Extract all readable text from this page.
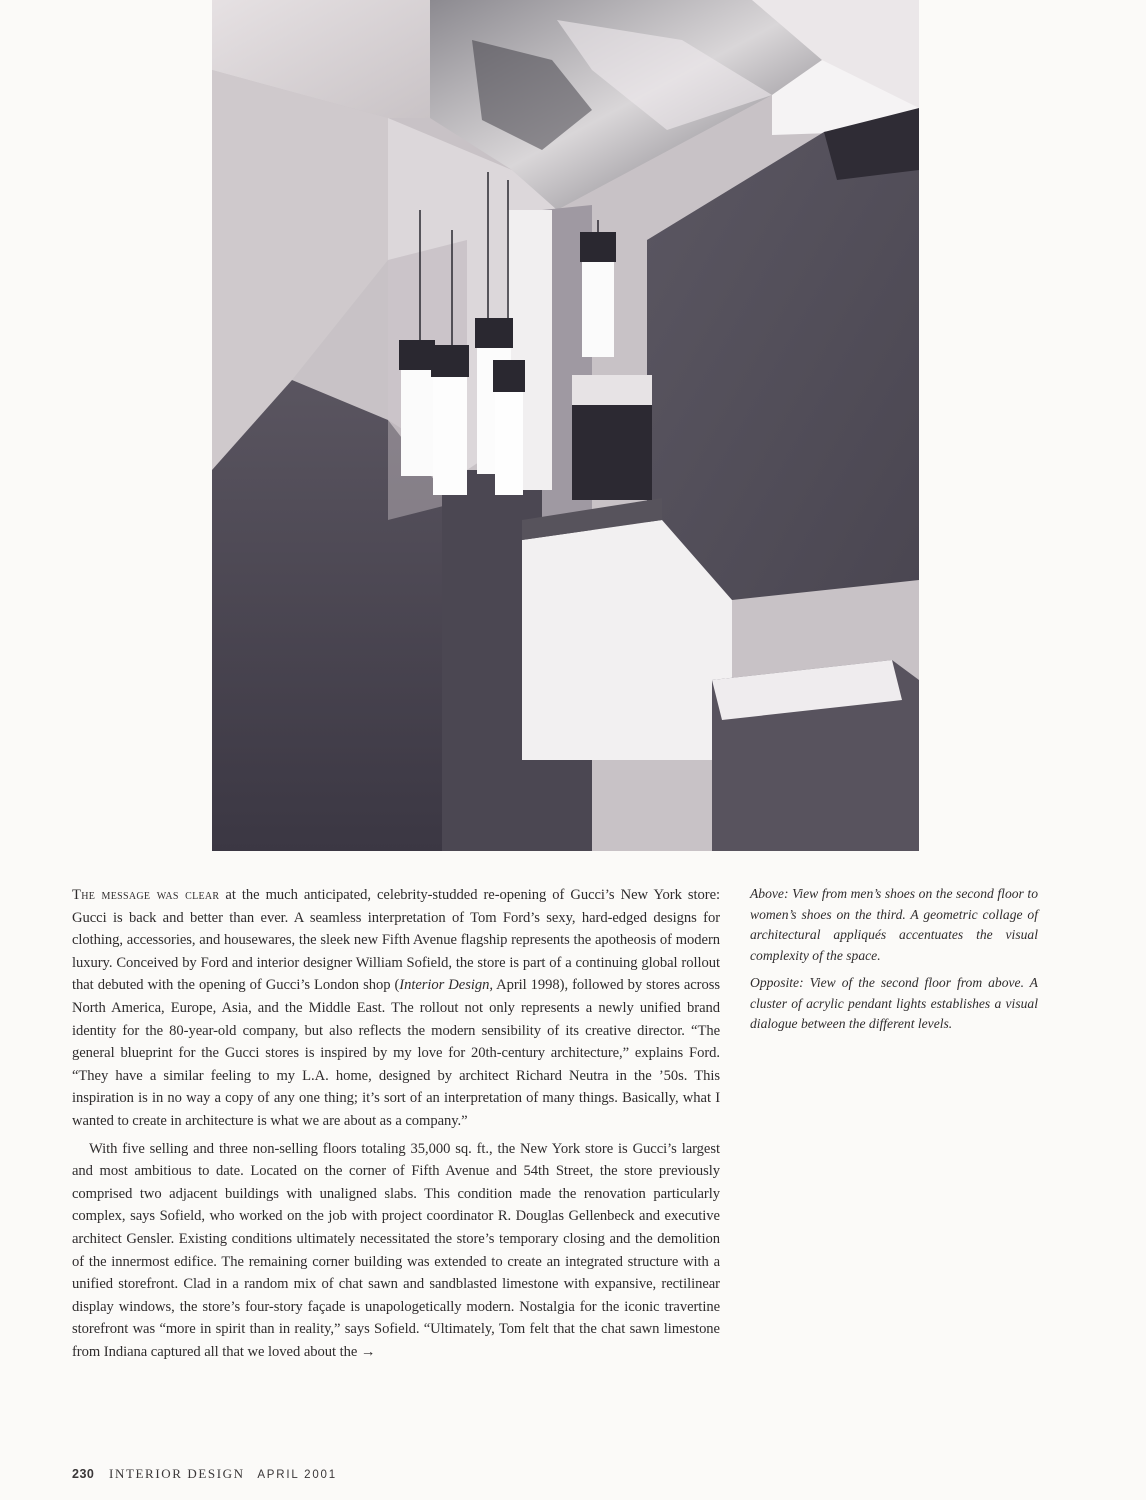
The message was clear at the much anticipated, celebrity-studded re-opening of Gucci’s New York store: Gucci is back and better than ever. A seamless interpretation of Tom Ford’s sexy, hard-edged designs for clothing, accessories, and housewares, the sleek new Fifth Avenue flagship represents the apotheosis of modern luxury. Conceived by Ford and interior designer William Sofield, the store is part of a continuing global rollout that debuted with the opening of Gucci’s London shop (Interior Design, April 1998), followed by stores across North America, Europe, Asia, and the Middle East. The rollout not only represents a newly unified brand identity for the 80-year-old company, but also reflects the modern sensibility of its creative director. “The general blueprint for the Gucci stores is inspired by my love for 20th-century architecture,” explains Ford. “They have a similar feeling to my L.A. home, designed by architect Richard Neutra in the ’50s. This inspiration is in no way a copy of any one thing; it’s sort of an interpretation of many things. Basically, what I wanted to create in architecture is what we are about as a company.”

With five selling and three non-selling floors totaling 35,000 sq. ft., the New York store is Gucci’s largest and most ambitious to date. Located on the corner of Fifth Avenue and 54th Street, the store previously comprised two adjacent buildings with unaligned slabs. This condition made the renovation particularly complex, says Sofield, who worked on the job with project coordinator R. Douglas Gellenbeck and executive architect Gensler. Existing conditions ultimately necessitated the store’s temporary closing and the demolition of the innermost edifice. The remaining corner building was extended to create an integrated structure with a unified storefront. Clad in a random mix of chat sawn and sandblasted limestone with expansive, rectilinear display windows, the store’s four-story façade is unapologetically modern. Nostalgia for the iconic travertine storefront was “more in spirit than in reality,” says Sofield. “Ultimately, Tom felt that the chat sawn limestone from Indiana captured all that we loved about the →

Above: View from men’s shoes on the second floor to women’s shoes on the third. A geometric collage of architectural appliqués accentuates the visual complexity of the space.

Opposite: View of the second floor from above. A cluster of acrylic pendant lights establishes a visual dialogue between the different levels.

230 INTERIOR DESIGN APRIL 2001
